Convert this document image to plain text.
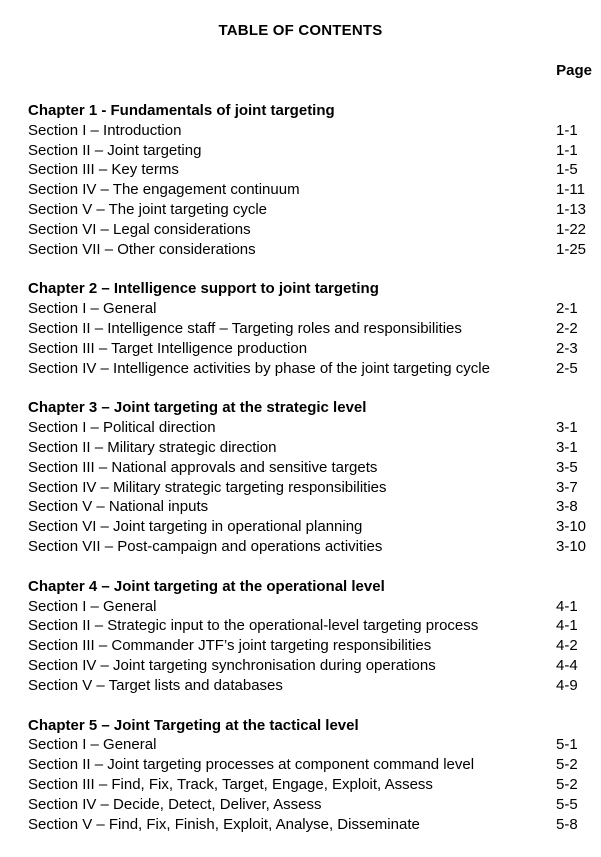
TABLE OF CONTENTS
Page
Chapter 1 - Fundamentals of joint targeting
Section I – Introduction	1-1
Section II – Joint targeting	1-1
Section III – Key terms	1-5
Section IV – The engagement continuum	1-11
Section V – The joint targeting cycle	1-13
Section VI – Legal considerations	1-22
Section VII – Other considerations	1-25
Chapter 2 – Intelligence support to joint targeting
Section I – General	2-1
Section II – Intelligence staff – Targeting roles and responsibilities	2-2
Section III – Target Intelligence production	2-3
Section IV – Intelligence activities by phase of the joint targeting cycle	2-5
Chapter 3 – Joint targeting at the strategic level
Section I – Political direction	3-1
Section II – Military strategic direction	3-1
Section III – National approvals and sensitive targets	3-5
Section IV – Military strategic targeting responsibilities	3-7
Section V – National inputs	3-8
Section VI – Joint targeting in operational planning	3-10
Section VII – Post-campaign and operations activities	3-10
Chapter 4 – Joint targeting at the operational level
Section I – General	4-1
Section II – Strategic input to the operational-level targeting process	4-1
Section III – Commander JTF’s joint targeting responsibilities	4-2
Section IV – Joint targeting synchronisation during operations	4-4
Section V – Target lists and databases	4-9
Chapter 5 – Joint Targeting at the tactical level
Section I – General	5-1
Section II – Joint targeting processes at component command level	5-2
Section III – Find, Fix, Track, Target, Engage, Exploit, Assess	5-2
Section IV – Decide, Detect, Deliver, Assess	5-5
Section V – Find, Fix, Finish, Exploit, Analyse, Disseminate	5-8
